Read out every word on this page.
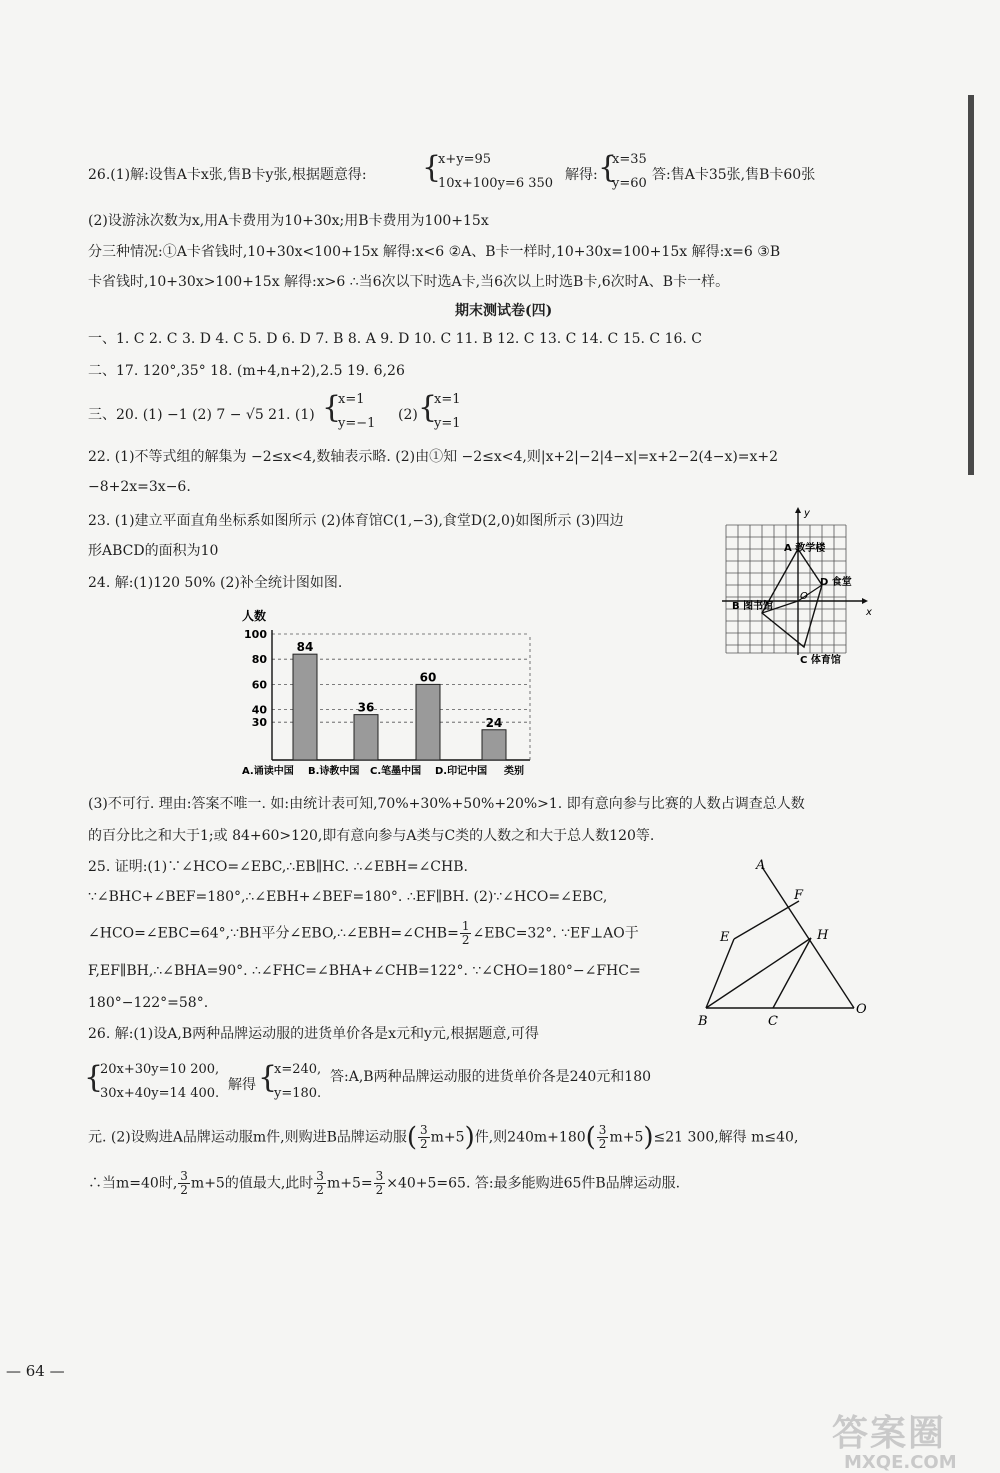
26.(1)解:设售A卡x张,售B卡y张,根据题意得: {
x+y=95
10x+100y=6 350
解得: {
x=35
y=60
答:售A卡35张,售B卡60张
(2)设游泳次数为x,用A卡费用为10+30x;用B卡费用为100+15x
分三种情况:①A卡省钱时,10+30x<100+15x 解得:x<6 ②A、B卡一样时,10+30x=100+15x 解得:x=6 ③B
卡省钱时,10+30x>100+15x 解得:x>6 ∴当6次以下时选A卡,当6次以上时选B卡,6次时A、B卡一样。
期末测试卷(四)
一、1. C 2. C 3. D 4. C 5. D 6. D 7. B 8. A 9. D 10. C 11. B 12. C 13. C 14. C 15. C 16. C
二、17. 120°,35° 18. (m+4,n+2),2.5 19. 6,26
三、20. (1) −1 (2) 7 − √5 21. (1) {
x=1
y=−1
(2) {
x=1
y=1
22. (1)不等式组的解集为 −2≤x<4,数轴表示略. (2)由①知 −2≤x<4,则|x+2|−2|4−x|=x+2−2(4−x)=x+2
−8+2x=3x−6.
23. (1)建立平面直角坐标系如图所示 (2)体育馆C(1,−3),食堂D(2,0)如图所示 (3)四边
形ABCD的面积为10
24. 解:(1)120 50% (2)补全统计图如图.
30
40
60
80
100
人数
84
36
60
24
A.诵读中国 B.诗教中国 C.笔墨中国 D.印记中国 类别
y
x
A 教学楼
B 图书馆
C 体育馆
D 食堂
O
(3)不可行. 理由:答案不唯一. 如:由统计表可知,70%+30%+50%+20%>1. 即有意向参与比赛的人数占调查总人数
的百分比之和大于1;或 84+60>120,即有意向参与A类与C类的人数之和大于总人数120等.
25. 证明:(1)∵∠HCO=∠EBC,∴EB∥HC. ∴∠EBH=∠CHB.
∵∠BHC+∠BEF=180°,∴∠EBH+∠BEF=180°. ∴EF∥BH. (2)∵∠HCO=∠EBC,
∠HCO=∠EBC=64°,∵BH平分∠EBO,∴∠EBH=∠CHB= $\frac{1}{2}$ ∠EBC=32°. ∵EF⊥AO于
F,EF∥BH,∴∠BHA=90°. ∴∠FHC=∠BHA+∠CHB=122°. ∵∠CHO=180°−∠FHC=
180°−122°=58°.
A
F
E	H
B	C
O
26. 解:(1)设A,B两种品牌运动服的进货单价各是x元和y元,根据题意,可得
{
20x+30y=10 200,
30x+40y=14 400.
解得 {
x=240,
y=180.
答:A,B两种品牌运动服的进货单价各是240元和180
元. (2)设购进A品牌运动服m件,则购进B品牌运动服( $\frac{3}{2} m+5$)件,则$240m+180( \frac{3}{2} m+5)\le 21$ 300,解得 m≤40,
∴当m=40时, $\frac{3}{2} m+5$的值最大,此时 $\frac{3}{2} m+5= \frac{3}{2} \times 40+5=65$. 答:最多能购进65件B品牌运动服.
— 64 —
答案圈
MXQE.COM
